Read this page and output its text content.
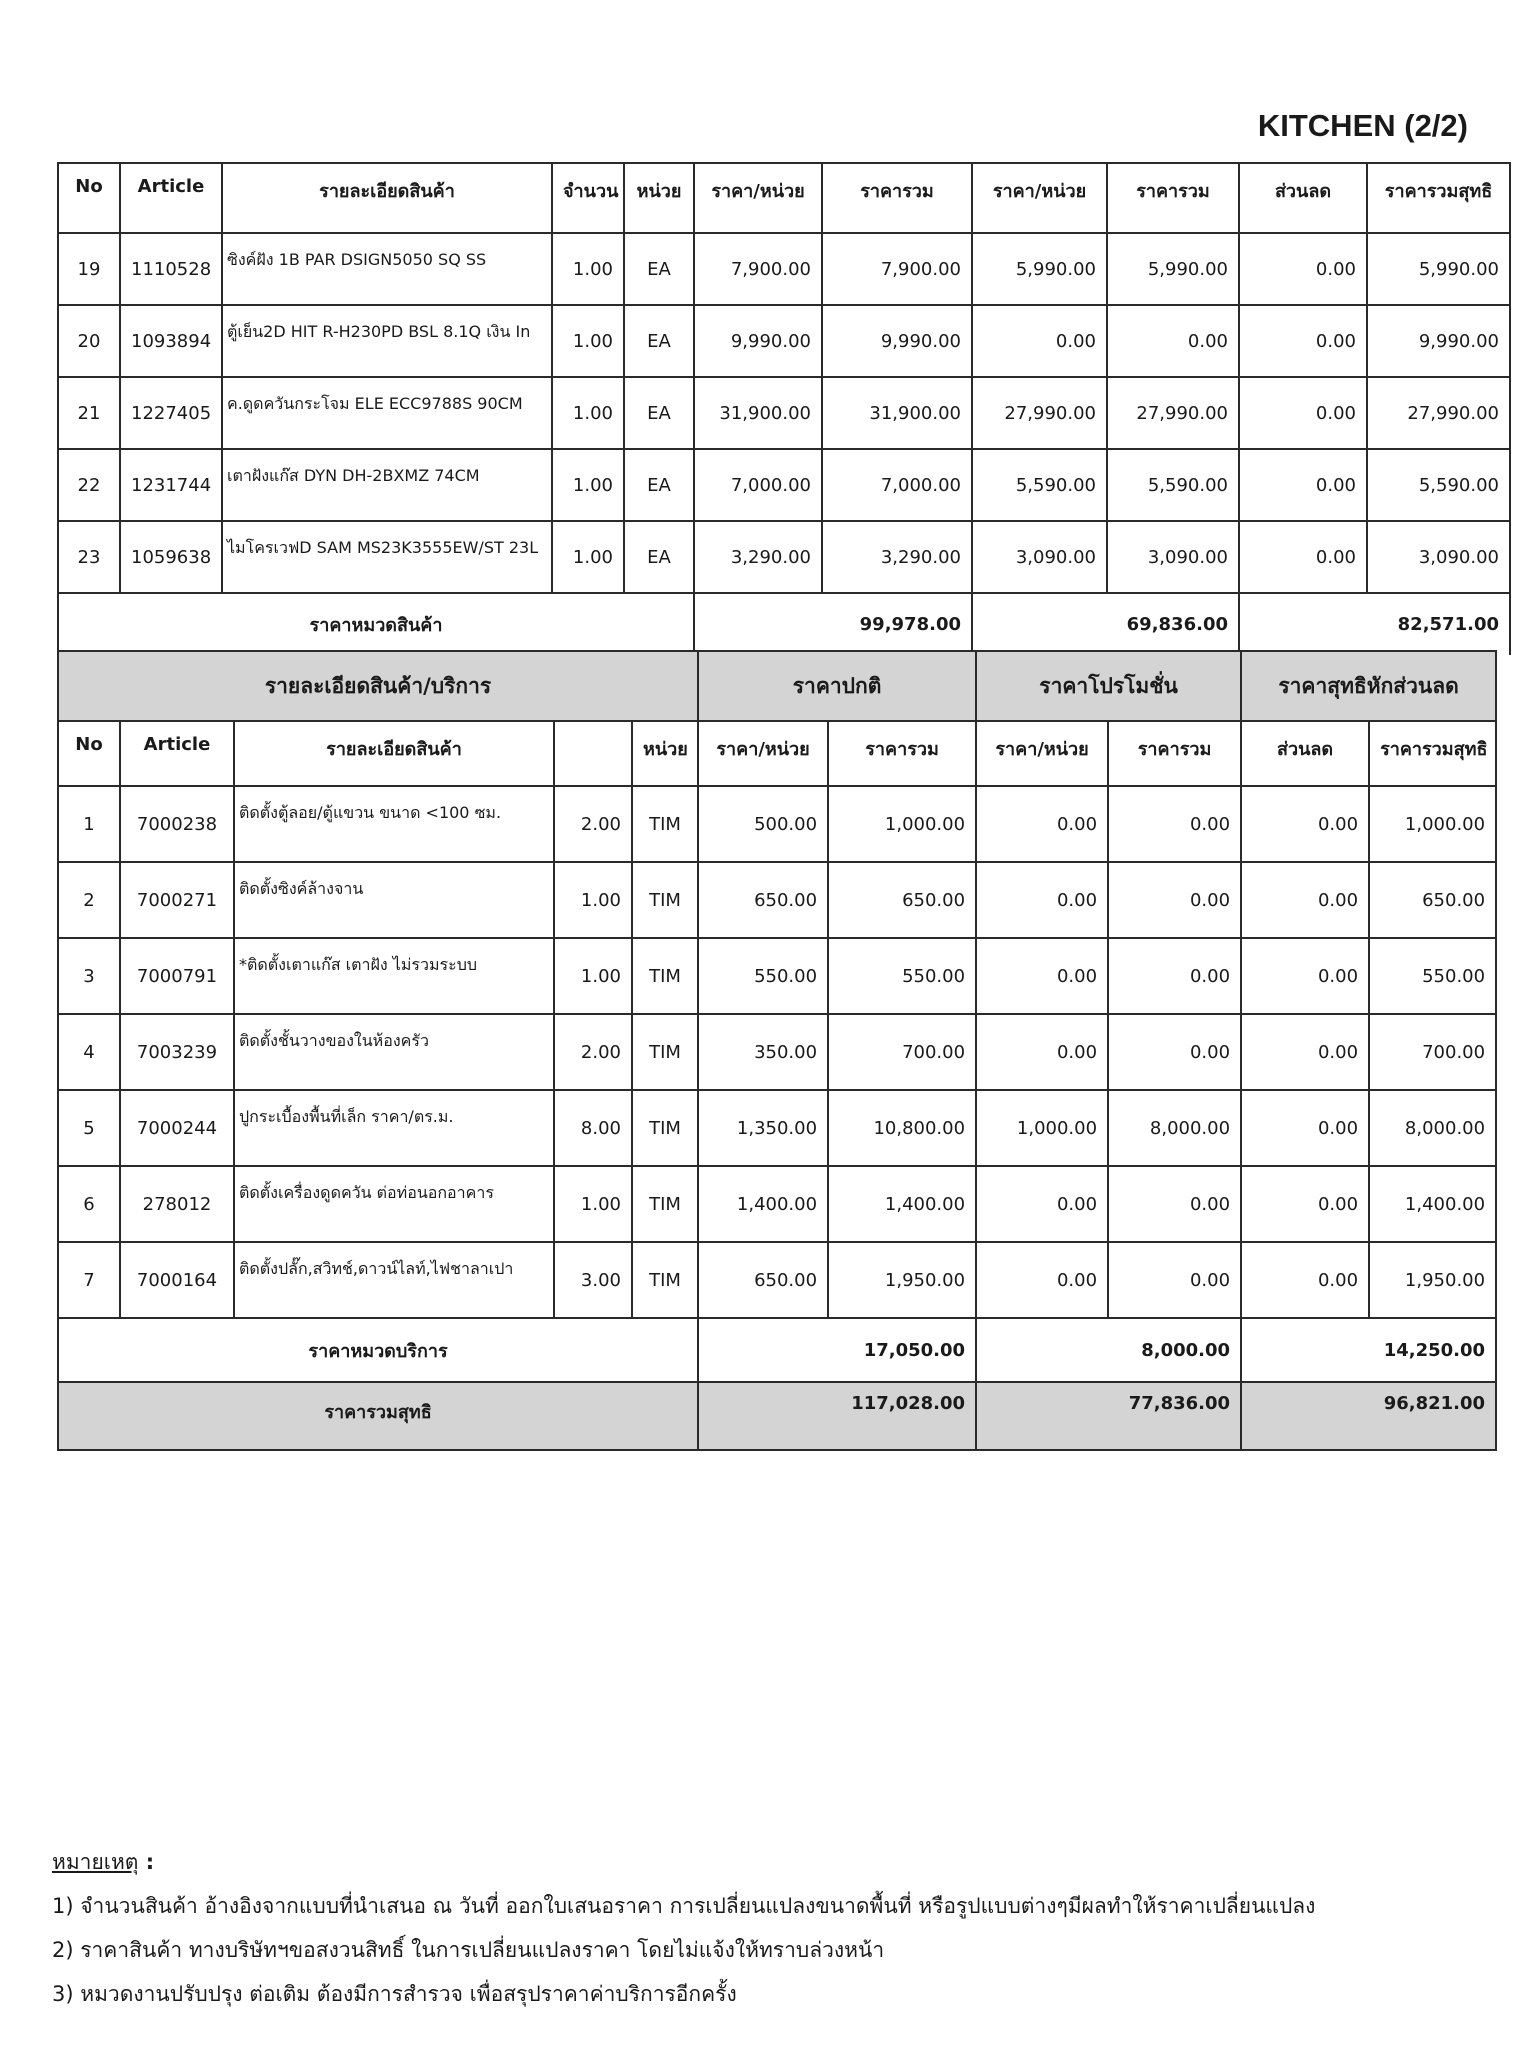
KITCHEN (2/2)
No	Article	รายละเอียดสินค้า	จำนวน	หน่วย	ราคา/หน่วย	ราคารวม	ราคา/หน่วย	ราคารวม	ส่วนลด	ราคารวมสุทธิ
19	1110528	ซิงค์ฝัง 1B PAR DSIGN5050 SQ SS	1.00	EA	7,900.00	7,900.00	5,990.00	5,990.00	0.00	5,990.00
20	1093894	ตู้เย็น2D HIT R-H230PD BSL 8.1Q เงิน In	1.00	EA	9,990.00	9,990.00	0.00	0.00	0.00	9,990.00
21	1227405	ค.ดูดควันกระโจม ELE ECC9788S 90CM	1.00	EA	31,900.00	31,900.00	27,990.00	27,990.00	0.00	27,990.00
22	1231744	เตาฝังแก๊ส DYN DH-2BXMZ 74CM	1.00	EA	7,000.00	7,000.00	5,590.00	5,590.00	0.00	5,590.00
23	1059638	ไมโครเวฟD SAM MS23K3555EW/ST 23L	1.00	EA	3,290.00	3,290.00	3,090.00	3,090.00	0.00	3,090.00
ราคาหมวดสินค้า					99,978.00		69,836.00		82,571.00	
รายละเอียดสินค้า/บริการ					ราคาปกติ		ราคาโปรโมชั่น		ราคาสุทธิหักส่วนลด	
No	Article	รายละเอียดสินค้า		หน่วย	ราคา/หน่วย	ราคารวม	ราคา/หน่วย	ราคารวม	ส่วนลด	ราคารวมสุทธิ
1	7000238	ติดตั้งตู้ลอย/ตู้แขวน ขนาด <100 ซม.	2.00	TIM	500.00	1,000.00	0.00	0.00	0.00	1,000.00
2	7000271	ติดตั้งซิงค์ล้างจาน	1.00	TIM	650.00	650.00	0.00	0.00	0.00	650.00
3	7000791	*ติดตั้งเตาแก๊ส เตาฝัง ไม่รวมระบบ	1.00	TIM	550.00	550.00	0.00	0.00	0.00	550.00
4	7003239	ติดตั้งชั้นวางของในห้องครัว	2.00	TIM	350.00	700.00	0.00	0.00	0.00	700.00
5	7000244	ปูกระเบื้องพื้นที่เล็ก ราคา/ตร.ม.	8.00	TIM	1,350.00	10,800.00	1,000.00	8,000.00	0.00	8,000.00
6	278012	ติดตั้งเครื่องดูดควัน ต่อท่อนอกอาคาร	1.00	TIM	1,400.00	1,400.00	0.00	0.00	0.00	1,400.00
7	7000164	ติดตั้งปลั๊ก,สวิทช์,ดาวน์ไลท์,ไฟชาลาเปา	3.00	TIM	650.00	1,950.00	0.00	0.00	0.00	1,950.00
ราคาหมวดบริการ					17,050.00		8,000.00		14,250.00	
ราคารวมสุทธิ					117,028.00		77,836.00		96,821.00	
หมายเหตุ :
1) จำนวนสินค้า อ้างอิงจากแบบที่นำเสนอ ณ วันที่ ออกใบเสนอราคา การเปลี่ยนแปลงขนาดพื้นที่ หรือรูปแบบต่างๆมีผลทำให้ราคาเปลี่ยนแปลง
2) ราคาสินค้า ทางบริษัทฯขอสงวนสิทธิ์ ในการเปลี่ยนแปลงราคา โดยไม่แจ้งให้ทราบล่วงหน้า
3) หมวดงานปรับปรุง ต่อเติม ต้องมีการสำรวจ เพื่อสรุปราคาค่าบริการอีกครั้ง
